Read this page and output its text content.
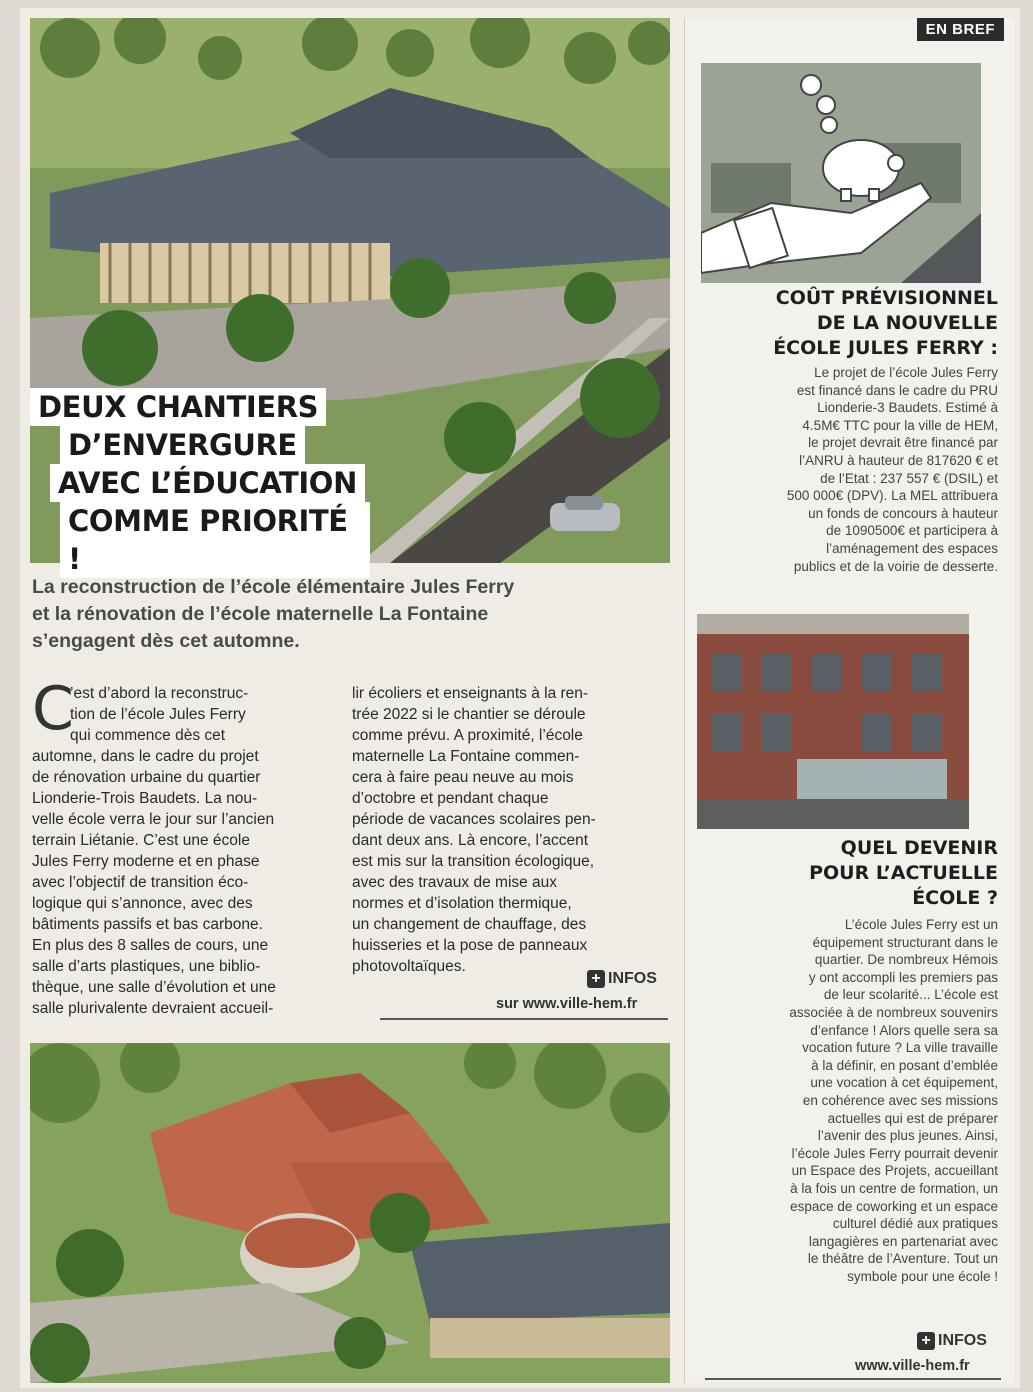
DEUX CHANTIERS
D’ENVERGURE
AVEC L’ÉDUCATION
COMME PRIORITÉ !
La reconstruction de l’école élémentaire Jules Ferry
et la rénovation de l’école maternelle La Fontaine
s’engagent dès cet automne.
C
’est d’abord la reconstruc-
tion de l’école Jules Ferry
qui commence dès cet
automne, dans le cadre du projet
de rénovation urbaine du quartier
Lionderie-Trois Baudets. La nou-
velle école verra le jour sur l’ancien
terrain Liétanie. C’est une école
Jules Ferry moderne et en phase
avec l’objectif de transition éco-
logique qui s’annonce, avec des
bâtiments passifs et bas carbone.
En plus des 8 salles de cours, une
salle d’arts plastiques, une biblio-
thèque, une salle d’évolution et une
salle plurivalente devraient accueil-
lir écoliers et enseignants à la ren-
trée 2022 si le chantier se déroule
comme prévu. A proximité, l’école
maternelle La Fontaine commen-
cera à faire peau neuve au mois
d’octobre et pendant chaque
période de vacances scolaires pen-
dant deux ans. Là encore, l’accent
est mis sur la transition écologique,
avec des travaux de mise aux
normes et d’isolation thermique,
un changement de chauffage, des
huisseries et la pose de panneaux
photovoltaïques.
+ INFOS
sur www.ville-hem.fr
EN BREF
COÛT PRÉVISIONNEL
DE LA NOUVELLE
ÉCOLE JULES FERRY :
Le projet de l’école Jules Ferry
est financé dans le cadre du PRU
Lionderie-3 Baudets. Estimé à
4.5M€ TTC pour la ville de HEM,
le projet devrait être financé par
l’ANRU à hauteur de 817620 € et
de l’Etat : 237 557 € (DSIL) et
500 000€ (DPV). La MEL attribuera
un fonds de concours à hauteur
de 1090500€ et participera à
l’aménagement des espaces
publics et de la voirie de desserte.
QUEL DEVENIR
POUR L’ACTUELLE
ÉCOLE ?
L’école Jules Ferry est un
équipement structurant dans le
quartier. De nombreux Hémois
y ont accompli les premiers pas
de leur scolarité... L’école est
associée à de nombreux souvenirs
d’enfance ! Alors quelle sera sa
vocation future ? La ville travaille
à la définir, en posant d’emblée
une vocation à cet équipement,
en cohérence avec ses missions
actuelles qui est de préparer
l’avenir des plus jeunes. Ainsi,
l’école Jules Ferry pourrait devenir
un Espace des Projets, accueillant
à la fois un centre de formation, un
espace de coworking et un espace
culturel dédié aux pratiques
langagières en partenariat avec
le théâtre de l’Aventure. Tout un
symbole pour une école !
+ INFOS
www.ville-hem.fr
